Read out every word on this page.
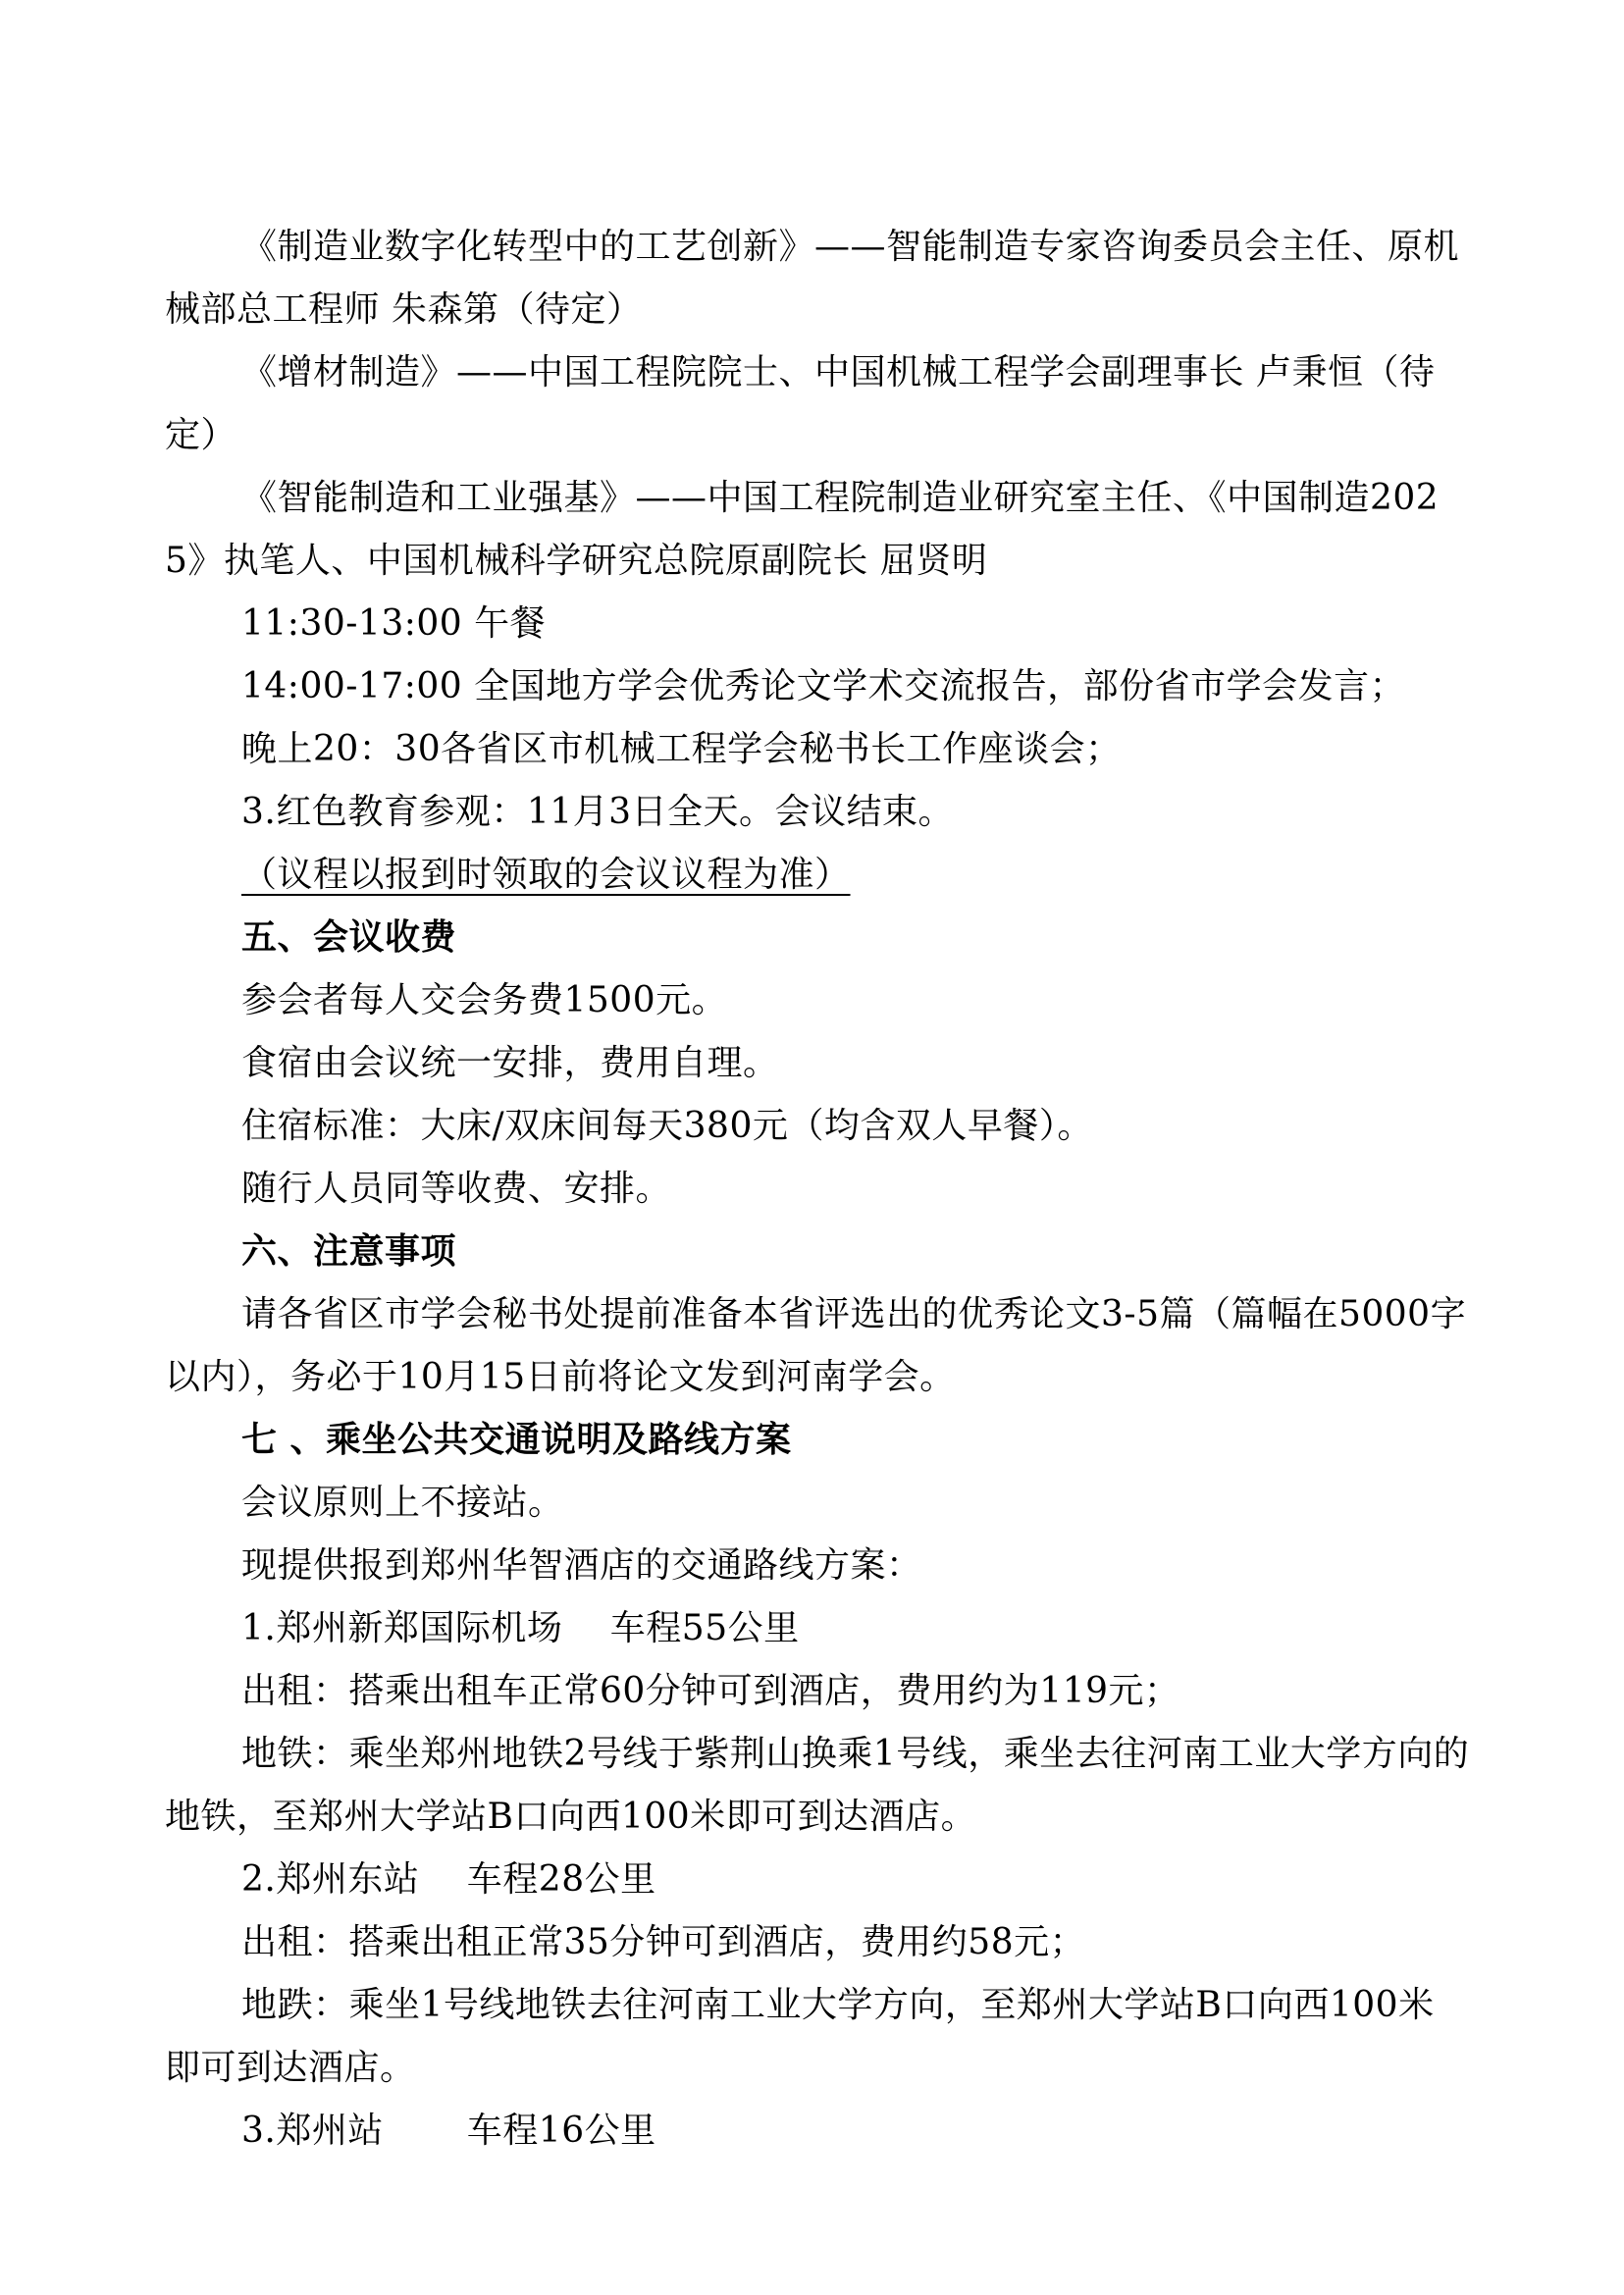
《制造业数字化转型中的工艺创新》——智能制造专家咨询委员会主任、原机械部总工程师 朱森第（待定）

《增材制造》——中国工程院院士、中国机械工程学会副理事长 卢秉恒（待定）

《智能制造和工业强基》——中国工程院制造业研究室主任、《中国制造2025》执笔人、中国机械科学研究总院原副院长 屈贤明

11:30-13:00 午餐

14:00-17:00 全国地方学会优秀论文学术交流报告，部份省市学会发言；

晚上20：30各省区市机械工程学会秘书长工作座谈会；

3.红色教育参观：11月3日全天。会议结束。

（议程以报到时领取的会议议程为准）

五、会议收费

参会者每人交会务费1500元。

食宿由会议统一安排，费用自理。

住宿标准：大床/双床间每天380元（均含双人早餐）。

随行人员同等收费、安排。

六、注意事项

请各省区市学会秘书处提前准备本省评选出的优秀论文3-5篇（篇幅在5000字以内），务必于10月15日前将论文发到河南学会。

七 、乘坐公共交通说明及路线方案

会议原则上不接站。

现提供报到郑州华智酒店的交通路线方案：

1.郑州新郑国际机场　 车程55公里

出租：搭乘出租车正常60分钟可到酒店，费用约为119元；

地铁：乘坐郑州地铁2号线于紫荆山换乘1号线，乘坐去往河南工业大学方向的地铁，至郑州大学站B口向西100米即可到达酒店。

2.郑州东站　 车程28公里

出租：搭乘出租正常35分钟可到酒店，费用约58元；

地跌：乘坐1号线地铁去往河南工业大学方向，至郑州大学站B口向西100米即可到达酒店。

3.郑州站　　 车程16公里
